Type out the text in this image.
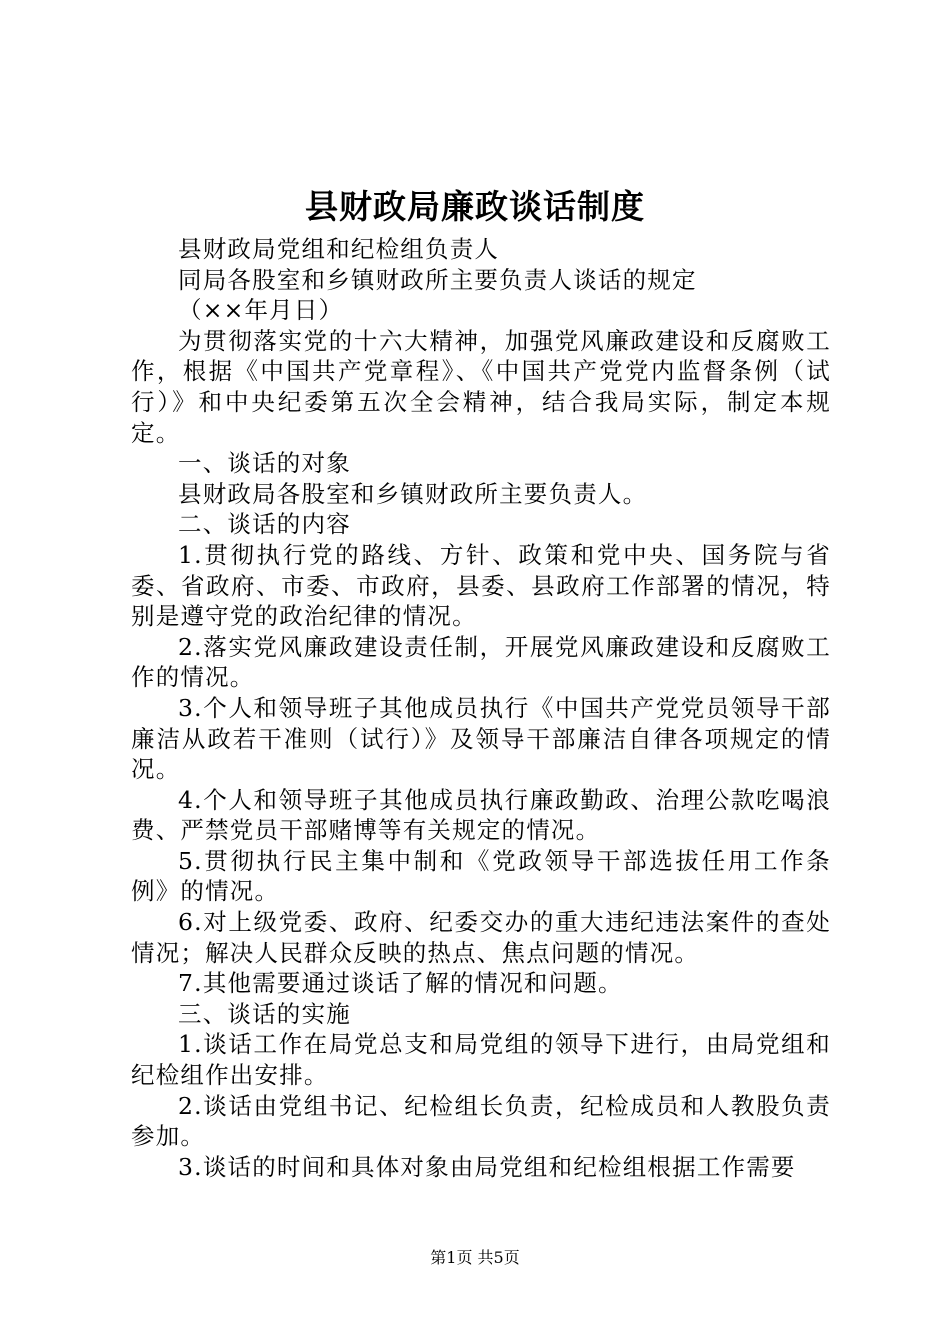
县财政局廉政谈话制度

县财政局党组和纪检组负责人

同局各股室和乡镇财政所主要负责人谈话的规定

（××年月日）

为贯彻落实党的十六大精神，加强党风廉政建设和反腐败工作，根据《中国共产党章程》、《中国共产党党内监督条例（试行）》和中央纪委第五次全会精神，结合我局实际，制定本规定。

一、谈话的对象

县财政局各股室和乡镇财政所主要负责人。

二、谈话的内容

1.贯彻执行党的路线、方针、政策和党中央、国务院与省委、省政府、市委、市政府，县委、县政府工作部署的情况，特别是遵守党的政治纪律的情况。

2.落实党风廉政建设责任制，开展党风廉政建设和反腐败工作的情况。

3.个人和领导班子其他成员执行《中国共产党党员领导干部廉洁从政若干准则（试行）》及领导干部廉洁自律各项规定的情况。

4.个人和领导班子其他成员执行廉政勤政、治理公款吃喝浪费、严禁党员干部赌博等有关规定的情况。

5.贯彻执行民主集中制和《党政领导干部选拔任用工作条例》的情况。

6.对上级党委、政府、纪委交办的重大违纪违法案件的查处情况；解决人民群众反映的热点、焦点问题的情况。

7.其他需要通过谈话了解的情况和问题。

三、谈话的实施

1.谈话工作在局党总支和局党组的领导下进行，由局党组和纪检组作出安排。

2.谈话由党组书记、纪检组长负责，纪检成员和人教股负责参加。

3.谈话的时间和具体对象由局党组和纪检组根据工作需要

第1页 共5页
